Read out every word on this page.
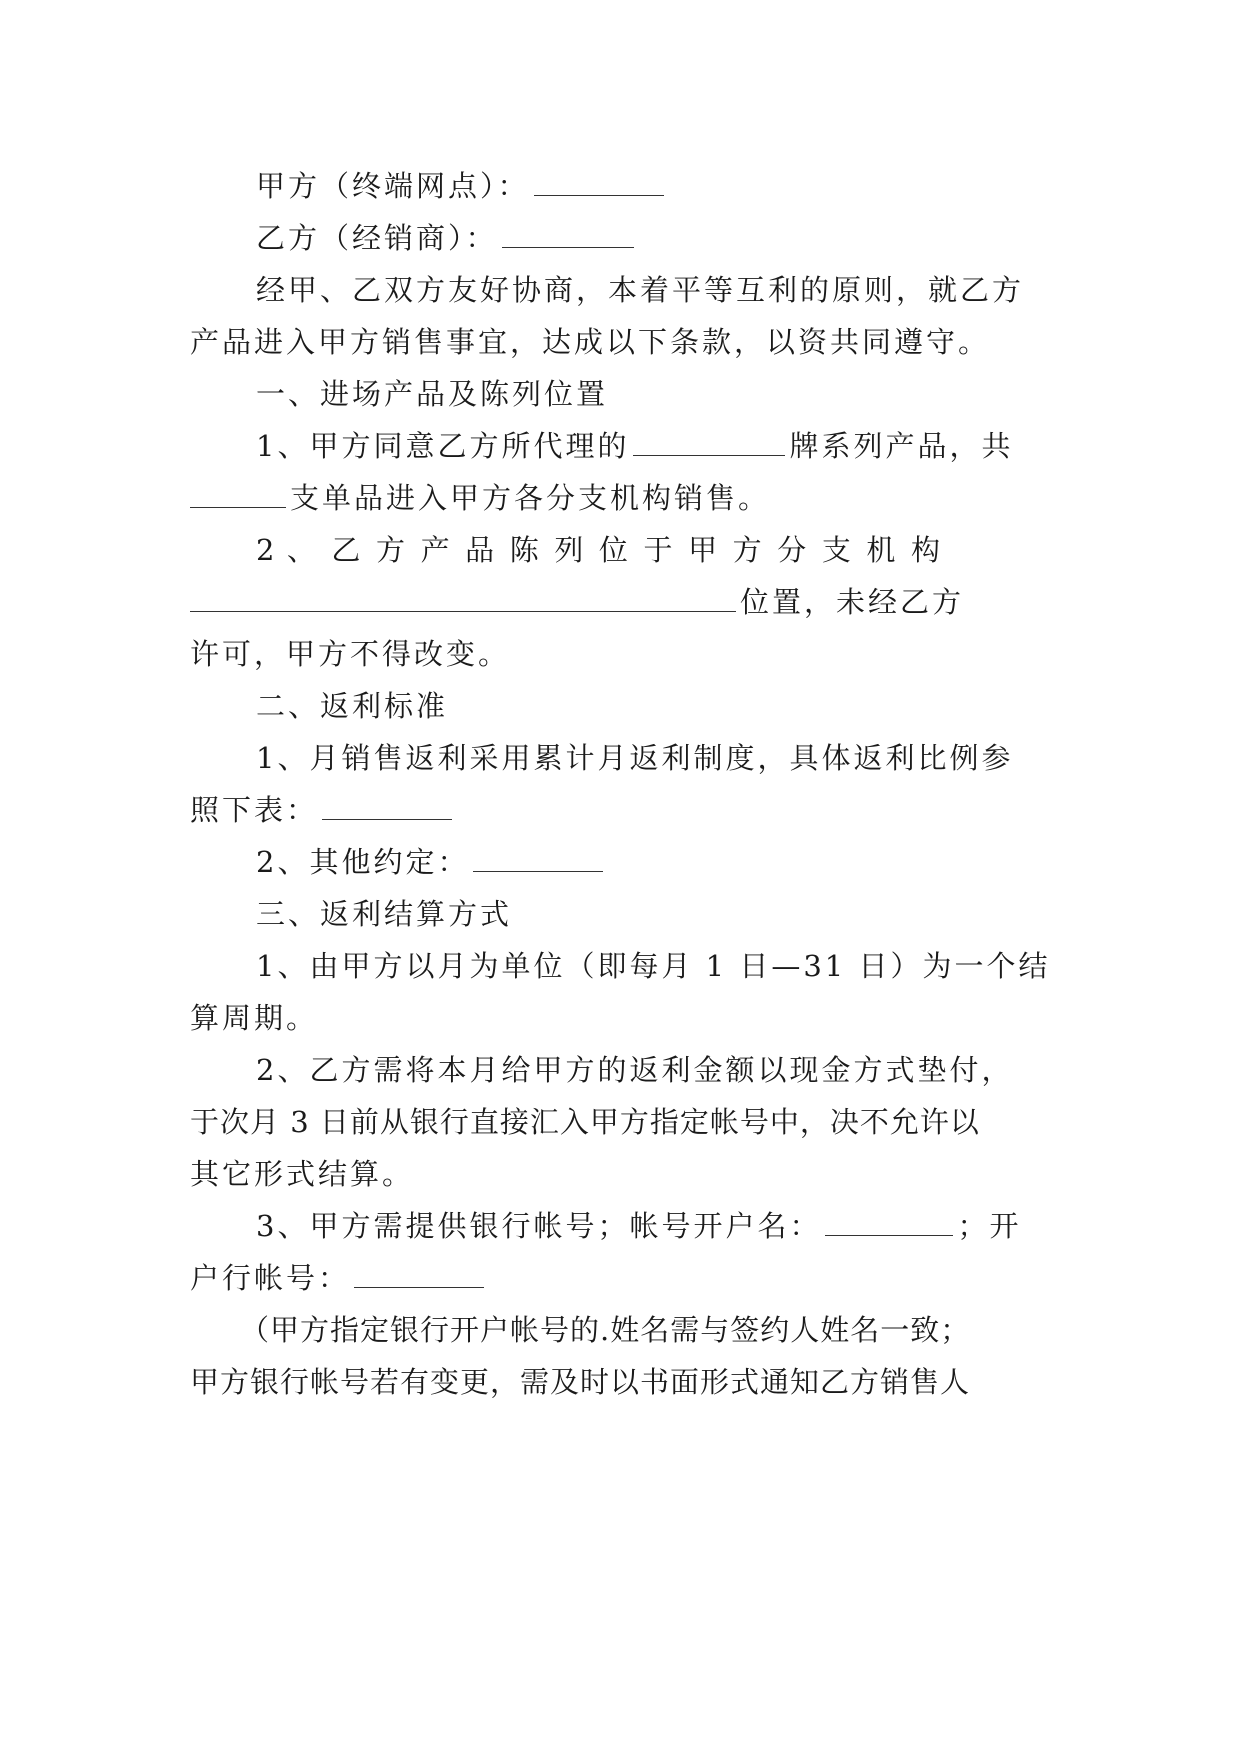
甲方（终端网点）：
乙方（经销商）：
经甲、乙双方友好协商，本着平等互利的原则，就乙方
产品进入甲方销售事宜，达成以下条款，以资共同遵守。
一、进场产品及陈列位置
1、甲方同意乙方所代理的	牌系列产品，共
支单品进入甲方各分支机构销售。
2 、 乙 方 产 品 陈 列 位 于 甲 方 分 支 机 构
位置，未经乙方
许可，甲方不得改变。
二、返利标准
1、月销售返利采用累计月返利制度，具体返利比例参
照下表：
2、其他约定：
三、返利结算方式
1、由甲方以月为单位（即每月 1 日—31 日）为一个结
算周期。
2、乙方需将本月给甲方的返利金额以现金方式垫付，
于次月 3 日前从银行直接汇入甲方指定帐号中，决不允许以
其它形式结算。
3、甲方需提供银行帐号；帐号开户名：	；开
户行帐号：
（甲方指定银行开户帐号的.姓名需与签约人姓名一致；
甲方银行帐号若有变更，需及时以书面形式通知乙方销售人
